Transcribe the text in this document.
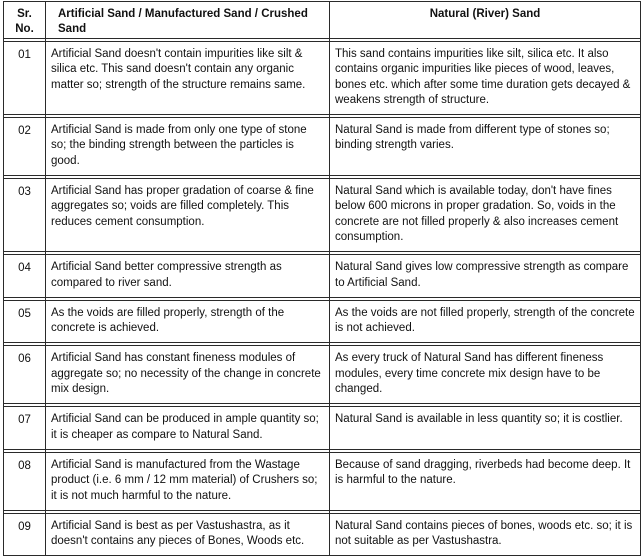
Sr. No.	Artificial Sand / Manufactured Sand / Crushed Sand	Natural (River) Sand

01	Artificial Sand doesn't contain impurities like silt & silica etc. This sand doesn't contain any organic matter so; strength of the structure remains same.	This sand contains impurities like silt, silica etc. It also contains organic impurities like pieces of wood, leaves, bones etc. which after some time duration gets decayed & weakens strength of structure.

02	Artificial Sand is made from only one type of stone so; the binding strength between the particles is good.	Natural Sand is made from different type of stones so; binding strength varies.

03	Artificial Sand has proper gradation of coarse & fine aggregates so; voids are filled completely. This reduces cement consumption.	Natural Sand which is available today, don't have fines below 600 microns in proper gradation. So, voids in the concrete are not filled properly & also increases cement consumption.

04	Artificial Sand better compressive strength as compared to river sand.	Natural Sand gives low compressive strength as compare to Artificial Sand.

05	As the voids are filled properly, strength of the concrete is achieved.	As the voids are not filled properly, strength of the concrete is not achieved.

06	Artificial Sand has constant fineness modules of aggregate so; no necessity of the change in concrete mix design.	As every truck of Natural Sand has different fineness modules, every time concrete mix design have to be changed.

07	Artificial Sand can be produced in ample quantity so; it is cheaper as compare to Natural Sand.	Natural Sand is available in less quantity so; it is costlier.

08	Artificial Sand is manufactured from the Wastage product (i.e. 6 mm / 12 mm material) of Crushers so; it is not much harmful to the nature.	Because of sand dragging, riverbeds had become deep. It is harmful to the nature.

09	Artificial Sand is best as per Vastushastra, as it doesn't contains any pieces of Bones, Woods etc.	Natural Sand contains pieces of bones, woods etc. so; it is not suitable as per Vastushastra.
